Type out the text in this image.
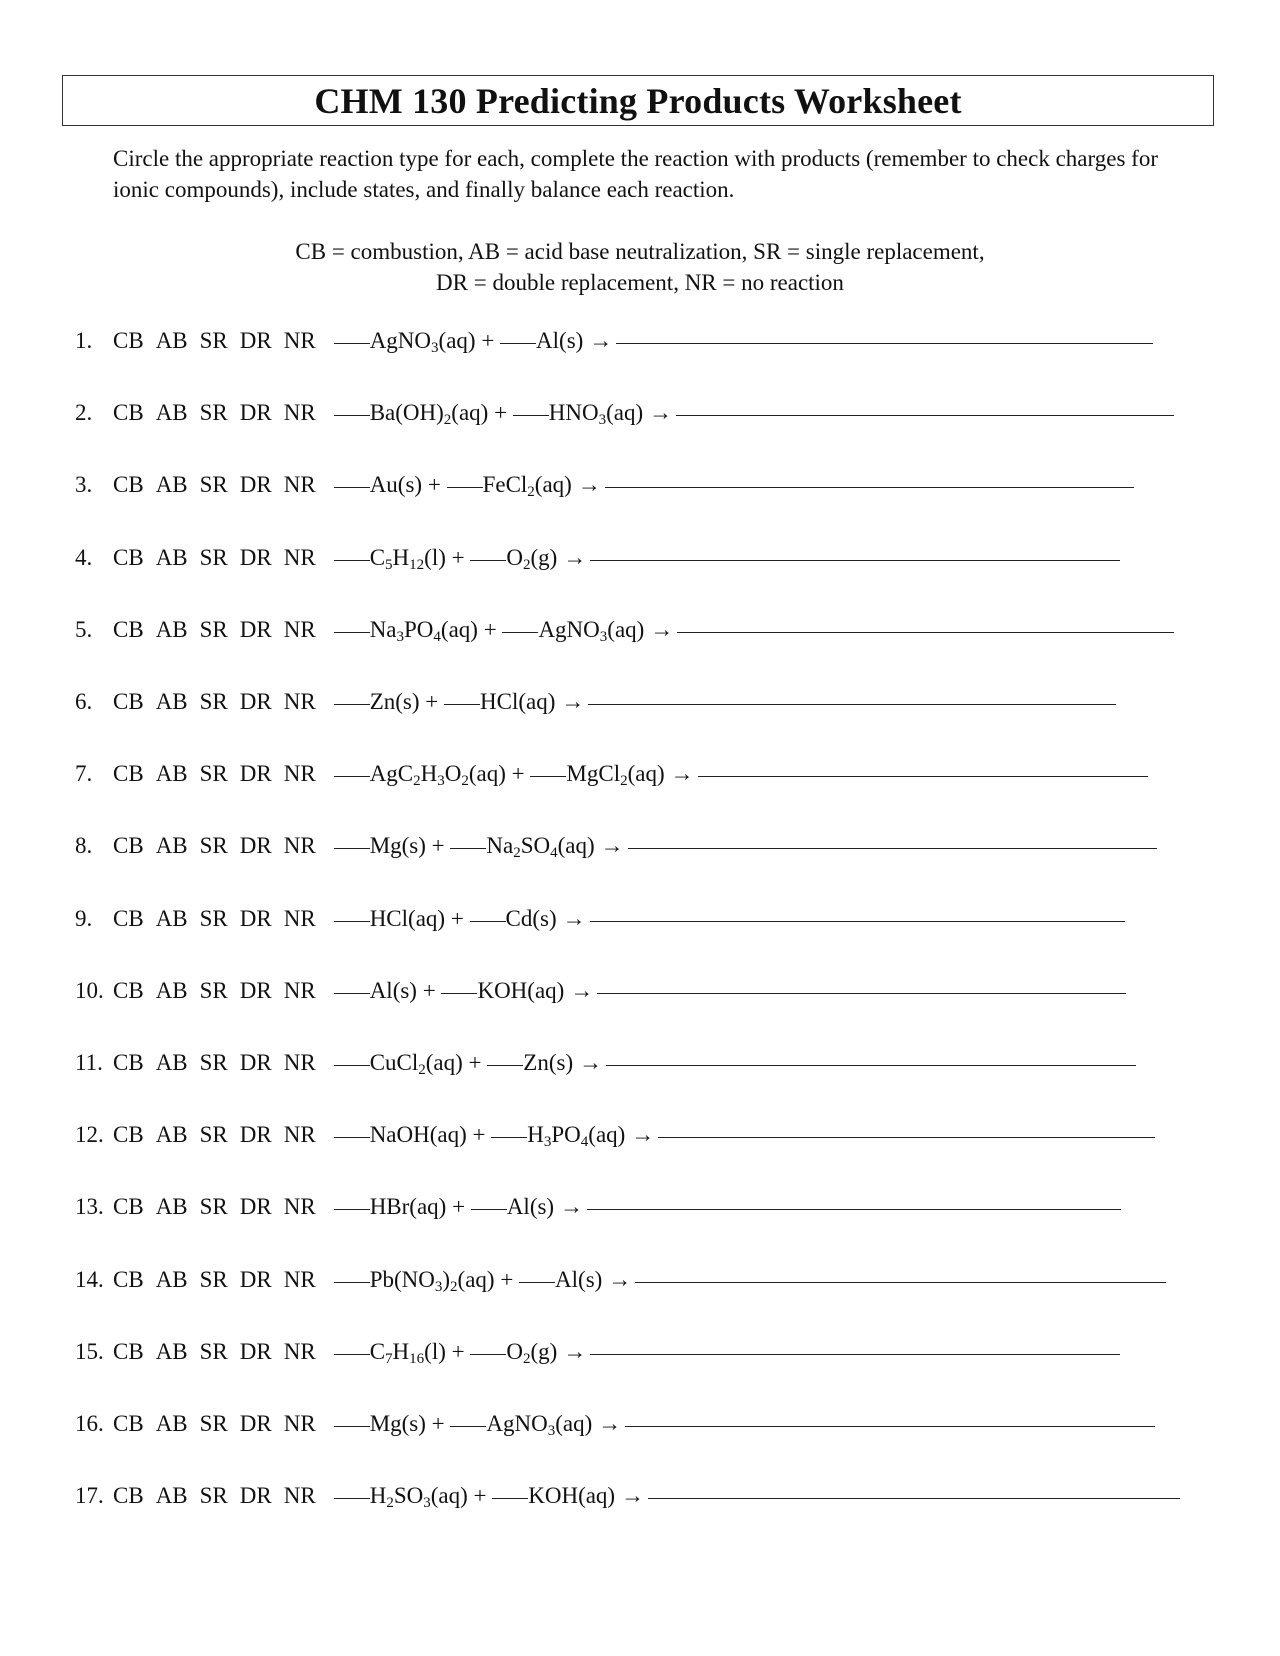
CHM 130 Predicting Products Worksheet
Circle the appropriate reaction type for each, complete the reaction with products (remember to check charges for ionic compounds), include states, and finally balance each reaction.
CB = combustion, AB = acid base neutralization, SR = single replacement,
DR = double replacement, NR = no reaction
1. CB AB SR DR NR	AgNO$_3$(aq) + Al(s) →
2. CB AB SR DR NR	$Ba(OH)_2(aq) + HNO_3(aq)$ →
3. CB AB SR DR NR	Au(s) + FeCl$_2$(aq) →
4. CB AB SR DR NR	$C_5H_{12}(l) + O_2(g)$ →
5. CB AB SR DR NR	$Na_3PO_4(aq)$ + AgNO$_3$(aq) →
6. CB AB SR DR NR	Zn(s) + HCl(aq) →
7. CB AB SR DR NR	$AgC_2H_3O_2(aq)$ + MgCl$_2$(aq) →
8. CB AB SR DR NR	$Mg(s) + Na_2SO_4(aq)$ →
9. CB AB SR DR NR	HCl(aq) + Cd(s) →
10. CB AB SR DR NR	Al(s) + KOH(aq) →
11. CB AB SR DR NR	CuCl$_2$(aq) + Zn(s) →
12. CB AB SR DR NR	NaOH(aq) + $H_3PO_4(aq)$ →
13. CB AB SR DR NR	HBr(aq) + Al(s) →
14. CB AB SR DR NR	$Pb(NO_3)_2(aq) + Al(s)$ →
15. CB AB SR DR NR	$C_7H_{16}(l) + O_2(g)$ →
16. CB AB SR DR NR	Mg(s) + AgNO$_3$(aq) →
17. CB AB SR DR NR	$H_2SO_3(aq) + KOH(aq)$ →
